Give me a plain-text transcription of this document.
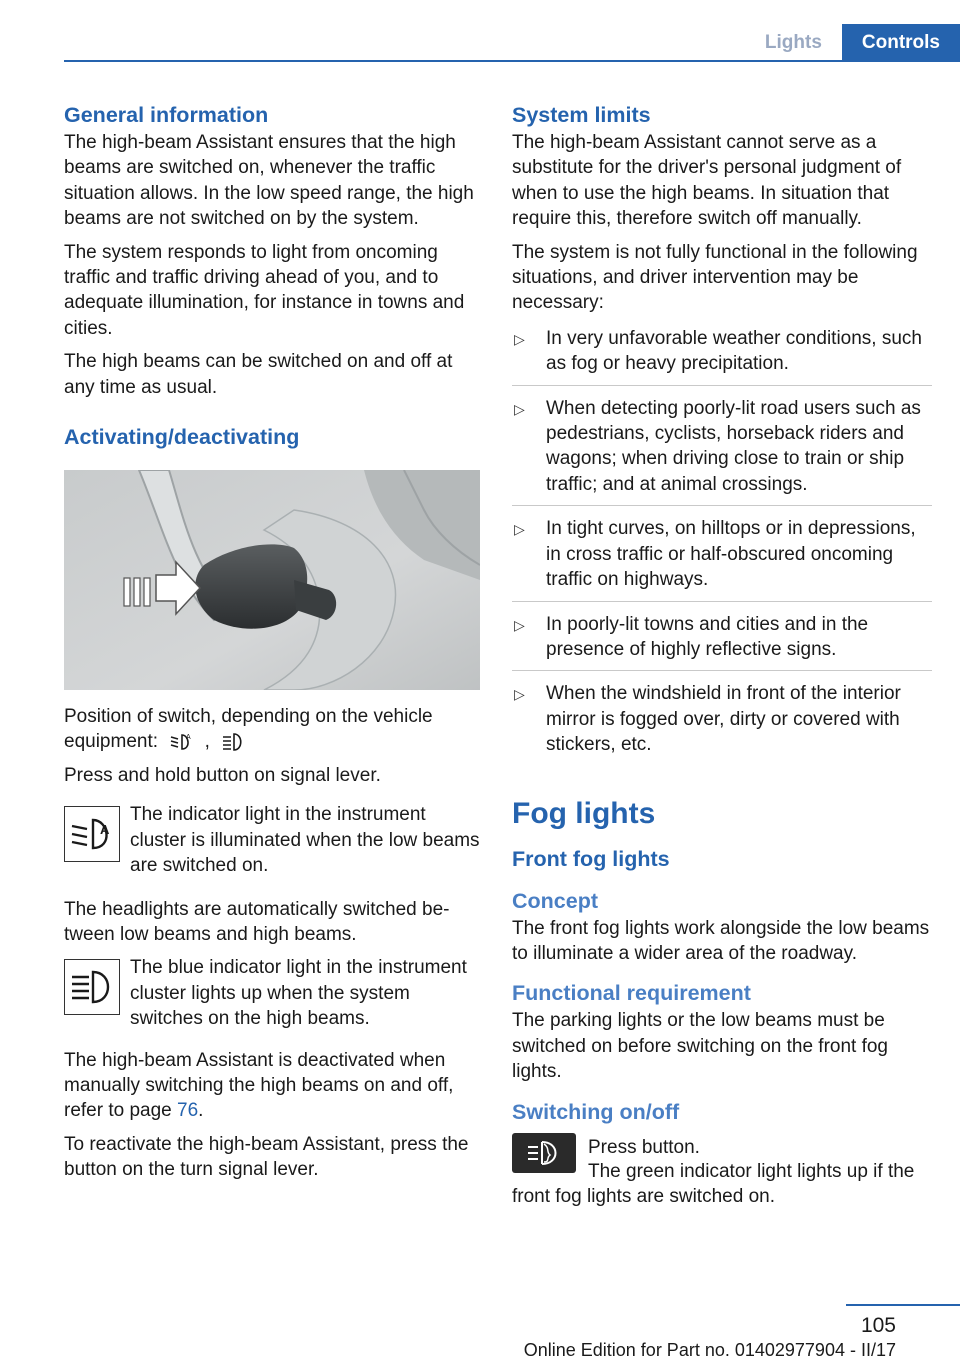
Lights	Controls
General information

The high-beam Assistant ensures that the high beams are switched on, whenever the traffic situation allows. In the low speed range, the high beams are not switched on by the system.

The system responds to light from oncoming traffic and traffic driving ahead of you, and to adequate illumination, for instance in towns and cities.

The high beams can be switched on and off at any time as usual.

Activating/deactivating

Position of switch, depending on the vehicle equipment:	A ,

Press and hold button on signal lever.

A

The indicator light in the instrument cluster is illuminated when the low beams are switched on.

The headlights are automatically switched between low beams and high beams.

The blue indicator light in the instrument cluster lights up when the system switches on the high beams.

The high-beam Assistant is deactivated when manually switching the high beams on and off, refer to page 76.

To reactivate the high-beam Assistant, press the button on the turn signal lever.

System limits

The high-beam Assistant cannot serve as a substitute for the driver's personal judgment of when to use the high beams. In situation that require this, therefore switch off manually.

The system is not fully functional in the following situations, and driver intervention may be necessary:

▷ In very unfavorable weather conditions, such as fog or heavy precipitation.
▷ When detecting poorly-lit road users such as pedestrians, cyclists, horseback riders and wagons; when driving close to train or ship traffic; and at animal crossings.
▷ In tight curves, on hilltops or in depressions, in cross traffic or half-obscured oncoming traffic on highways.
▷ In poorly-lit towns and cities and in the presence of highly reflective signs.
▷ When the windshield in front of the interior mirror is fogged over, dirty or covered with stickers, etc.
Fog lights
Front fog lights
Concept

The front fog lights work alongside the low beams to illuminate a wider area of the roadway.

Functional requirement

The parking lights or the low beams must be switched on before switching on the front fog lights.

Switching on/off

Press button.

The green indicator light lights up if the front fog lights are switched on.

105
Online Edition for Part no. 01402977904 - II/17
